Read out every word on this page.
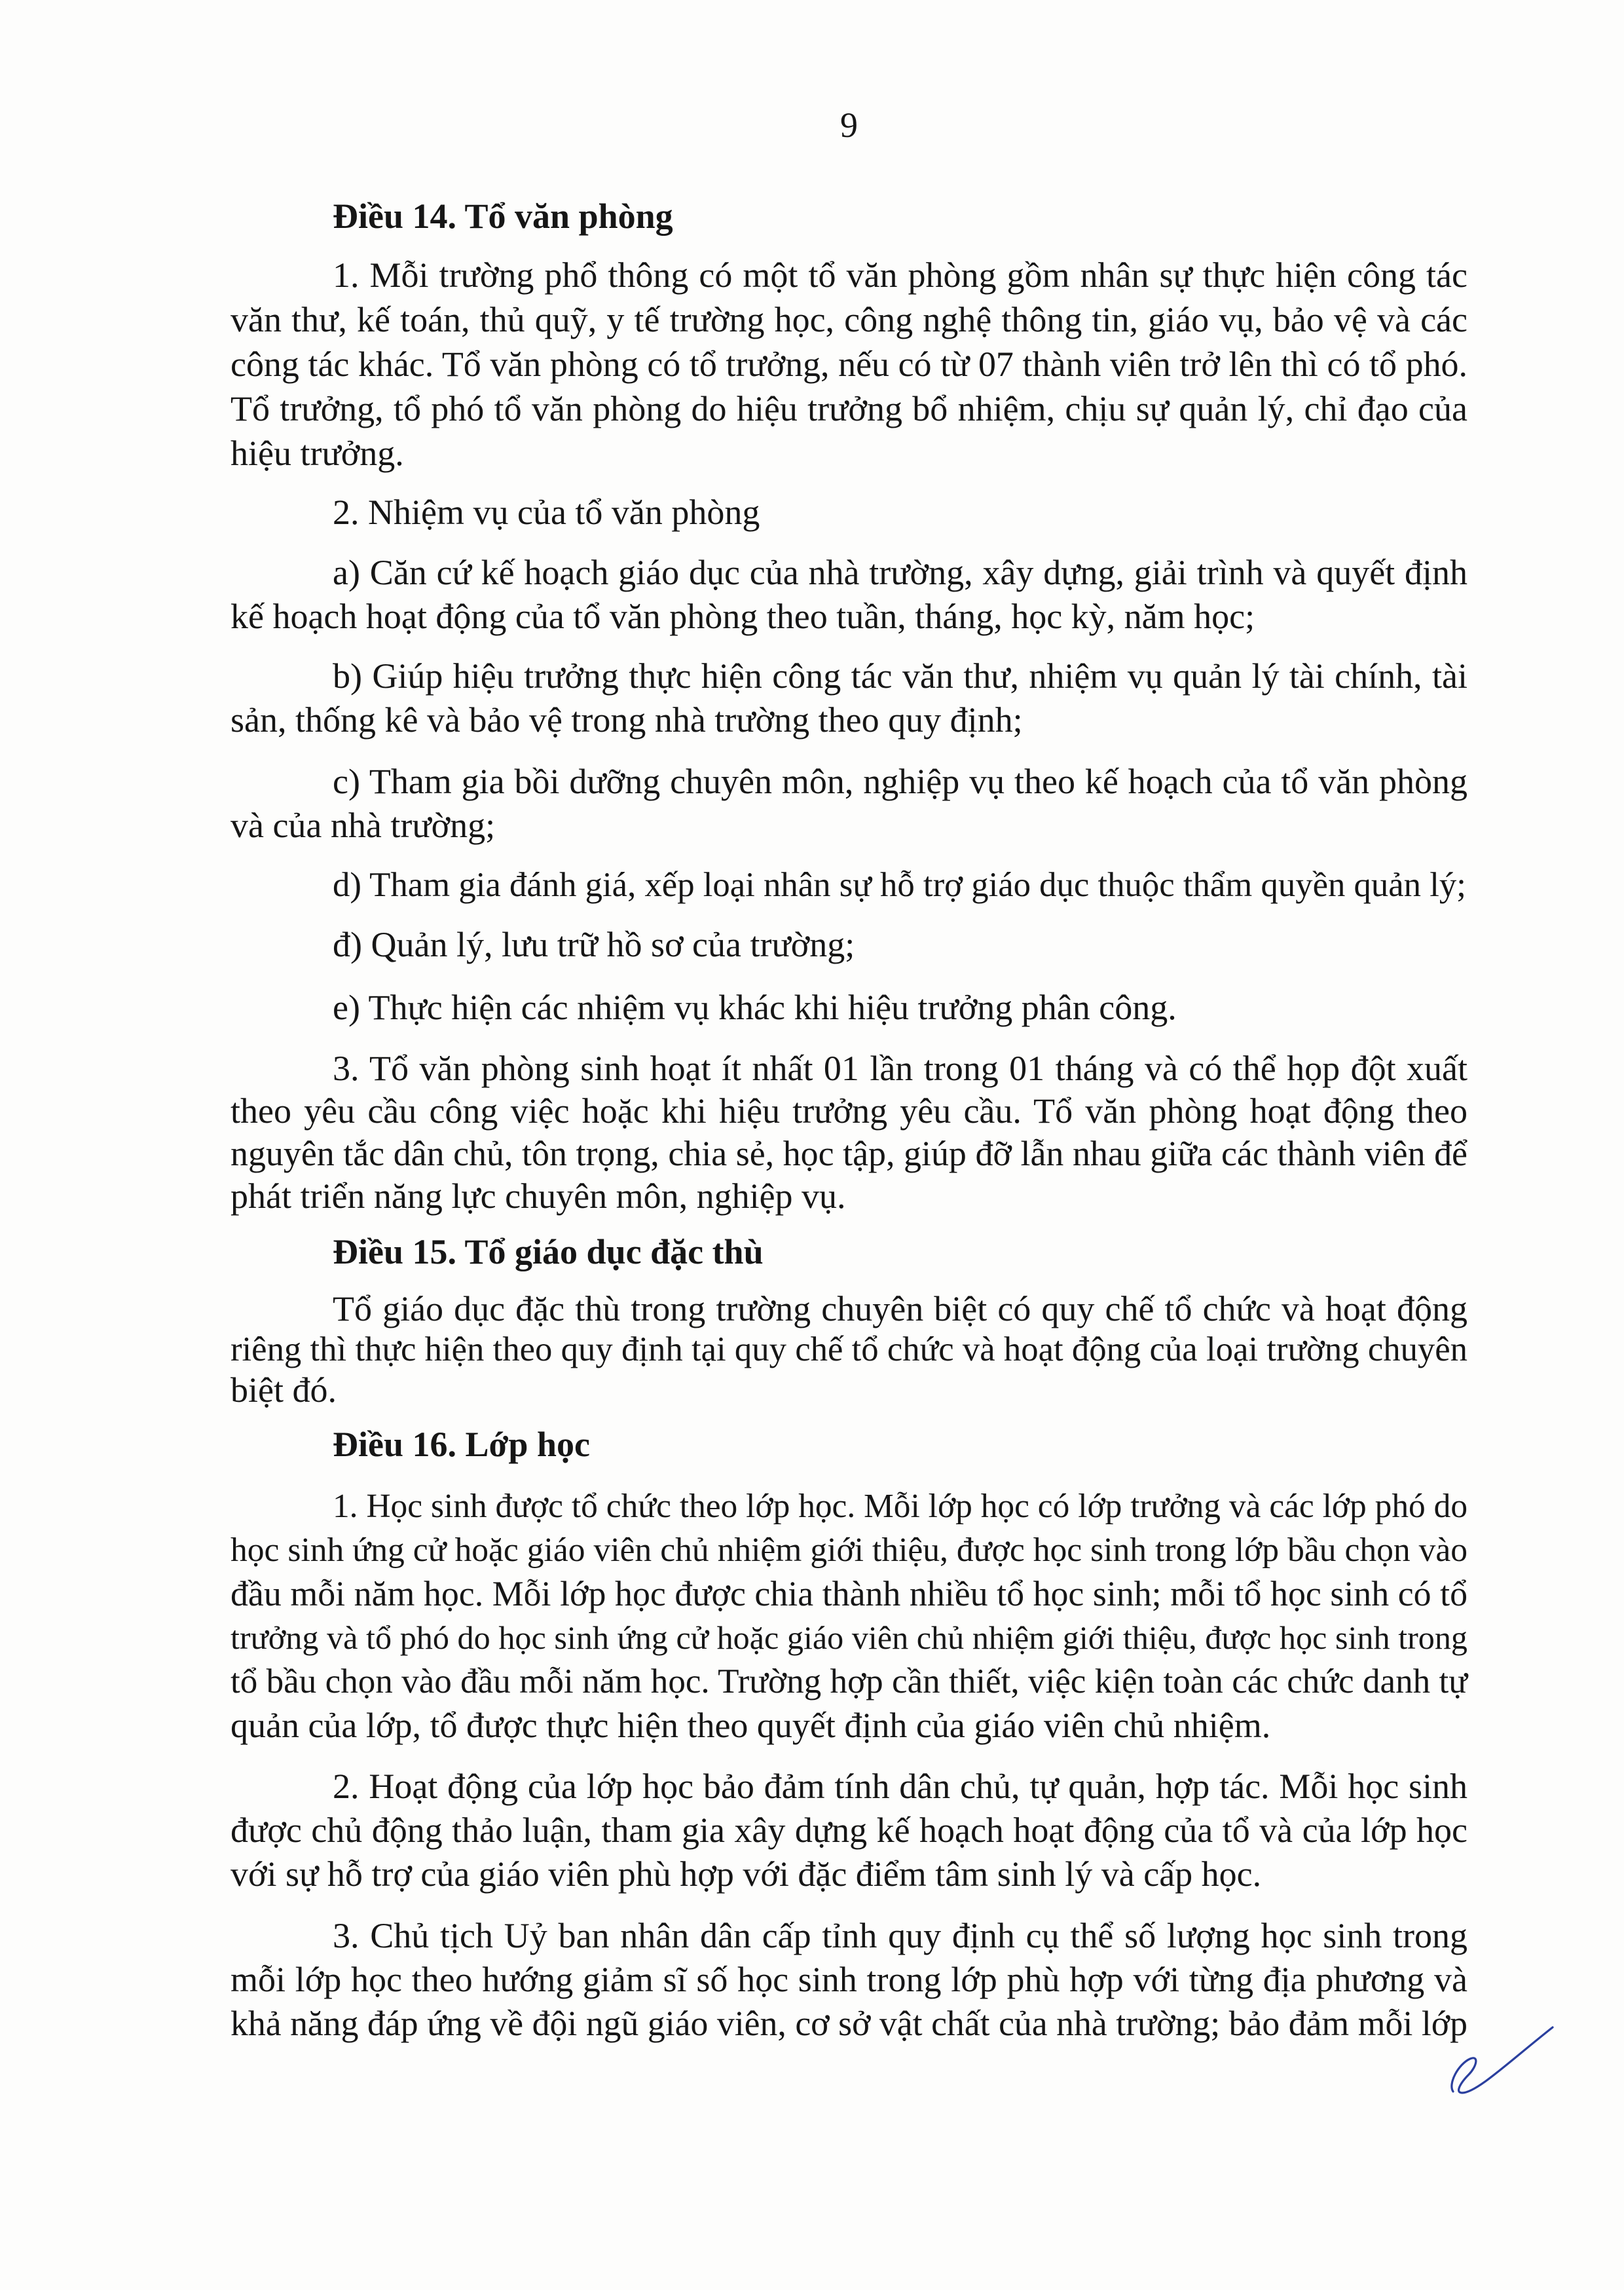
9
Điều 14. Tổ văn phòng
1. Mỗi trường phổ thông có một tổ văn phòng gồm nhân sự thực hiện công tác
văn thư, kế toán, thủ quỹ, y tế trường học, công nghệ thông tin, giáo vụ, bảo vệ và các
công tác khác. Tổ văn phòng có tổ trưởng, nếu có từ 07 thành viên trở lên thì có tổ phó.
Tổ trưởng, tổ phó tổ văn phòng do hiệu trưởng bổ nhiệm, chịu sự quản lý, chỉ đạo của
hiệu trưởng.
2. Nhiệm vụ của tổ văn phòng
a) Căn cứ kế hoạch giáo dục của nhà trường, xây dựng, giải trình và quyết định
kế hoạch hoạt động của tổ văn phòng theo tuần, tháng, học kỳ, năm học;
b) Giúp hiệu trưởng thực hiện công tác văn thư, nhiệm vụ quản lý tài chính, tài
sản, thống kê và bảo vệ trong nhà trường theo quy định;
c) Tham gia bồi dưỡng chuyên môn, nghiệp vụ theo kế hoạch của tổ văn phòng
và của nhà trường;
d) Tham gia đánh giá, xếp loại nhân sự hỗ trợ giáo dục thuộc thẩm quyền quản lý;
đ) Quản lý, lưu trữ hồ sơ của trường;
e) Thực hiện các nhiệm vụ khác khi hiệu trưởng phân công.
3. Tổ văn phòng sinh hoạt ít nhất 01 lần trong 01 tháng và có thể họp đột xuất
theo yêu cầu công việc hoặc khi hiệu trưởng yêu cầu. Tổ văn phòng hoạt động theo
nguyên tắc dân chủ, tôn trọng, chia sẻ, học tập, giúp đỡ lẫn nhau giữa các thành viên để
phát triển năng lực chuyên môn, nghiệp vụ.
Điều 15. Tổ giáo dục đặc thù
Tổ giáo dục đặc thù trong trường chuyên biệt có quy chế tổ chức và hoạt động
riêng thì thực hiện theo quy định tại quy chế tổ chức và hoạt động của loại trường chuyên
biệt đó.
Điều 16. Lớp học
1. Học sinh được tổ chức theo lớp học. Mỗi lớp học có lớp trưởng và các lớp phó do
học sinh ứng cử hoặc giáo viên chủ nhiệm giới thiệu, được học sinh trong lớp bầu chọn vào
đầu mỗi năm học. Mỗi lớp học được chia thành nhiều tổ học sinh; mỗi tổ học sinh có tổ
trưởng và tổ phó do học sinh ứng cử hoặc giáo viên chủ nhiệm giới thiệu, được học sinh trong
tổ bầu chọn vào đầu mỗi năm học. Trường hợp cần thiết, việc kiện toàn các chức danh tự
quản của lớp, tổ được thực hiện theo quyết định của giáo viên chủ nhiệm.
2. Hoạt động của lớp học bảo đảm tính dân chủ, tự quản, hợp tác. Mỗi học sinh
được chủ động thảo luận, tham gia xây dựng kế hoạch hoạt động của tổ và của lớp học
với sự hỗ trợ của giáo viên phù hợp với đặc điểm tâm sinh lý và cấp học.
3. Chủ tịch Uỷ ban nhân dân cấp tỉnh quy định cụ thể số lượng học sinh trong
mỗi lớp học theo hướng giảm sĩ số học sinh trong lớp phù hợp với từng địa phương và
khả năng đáp ứng về đội ngũ giáo viên, cơ sở vật chất của nhà trường; bảo đảm mỗi lớp
